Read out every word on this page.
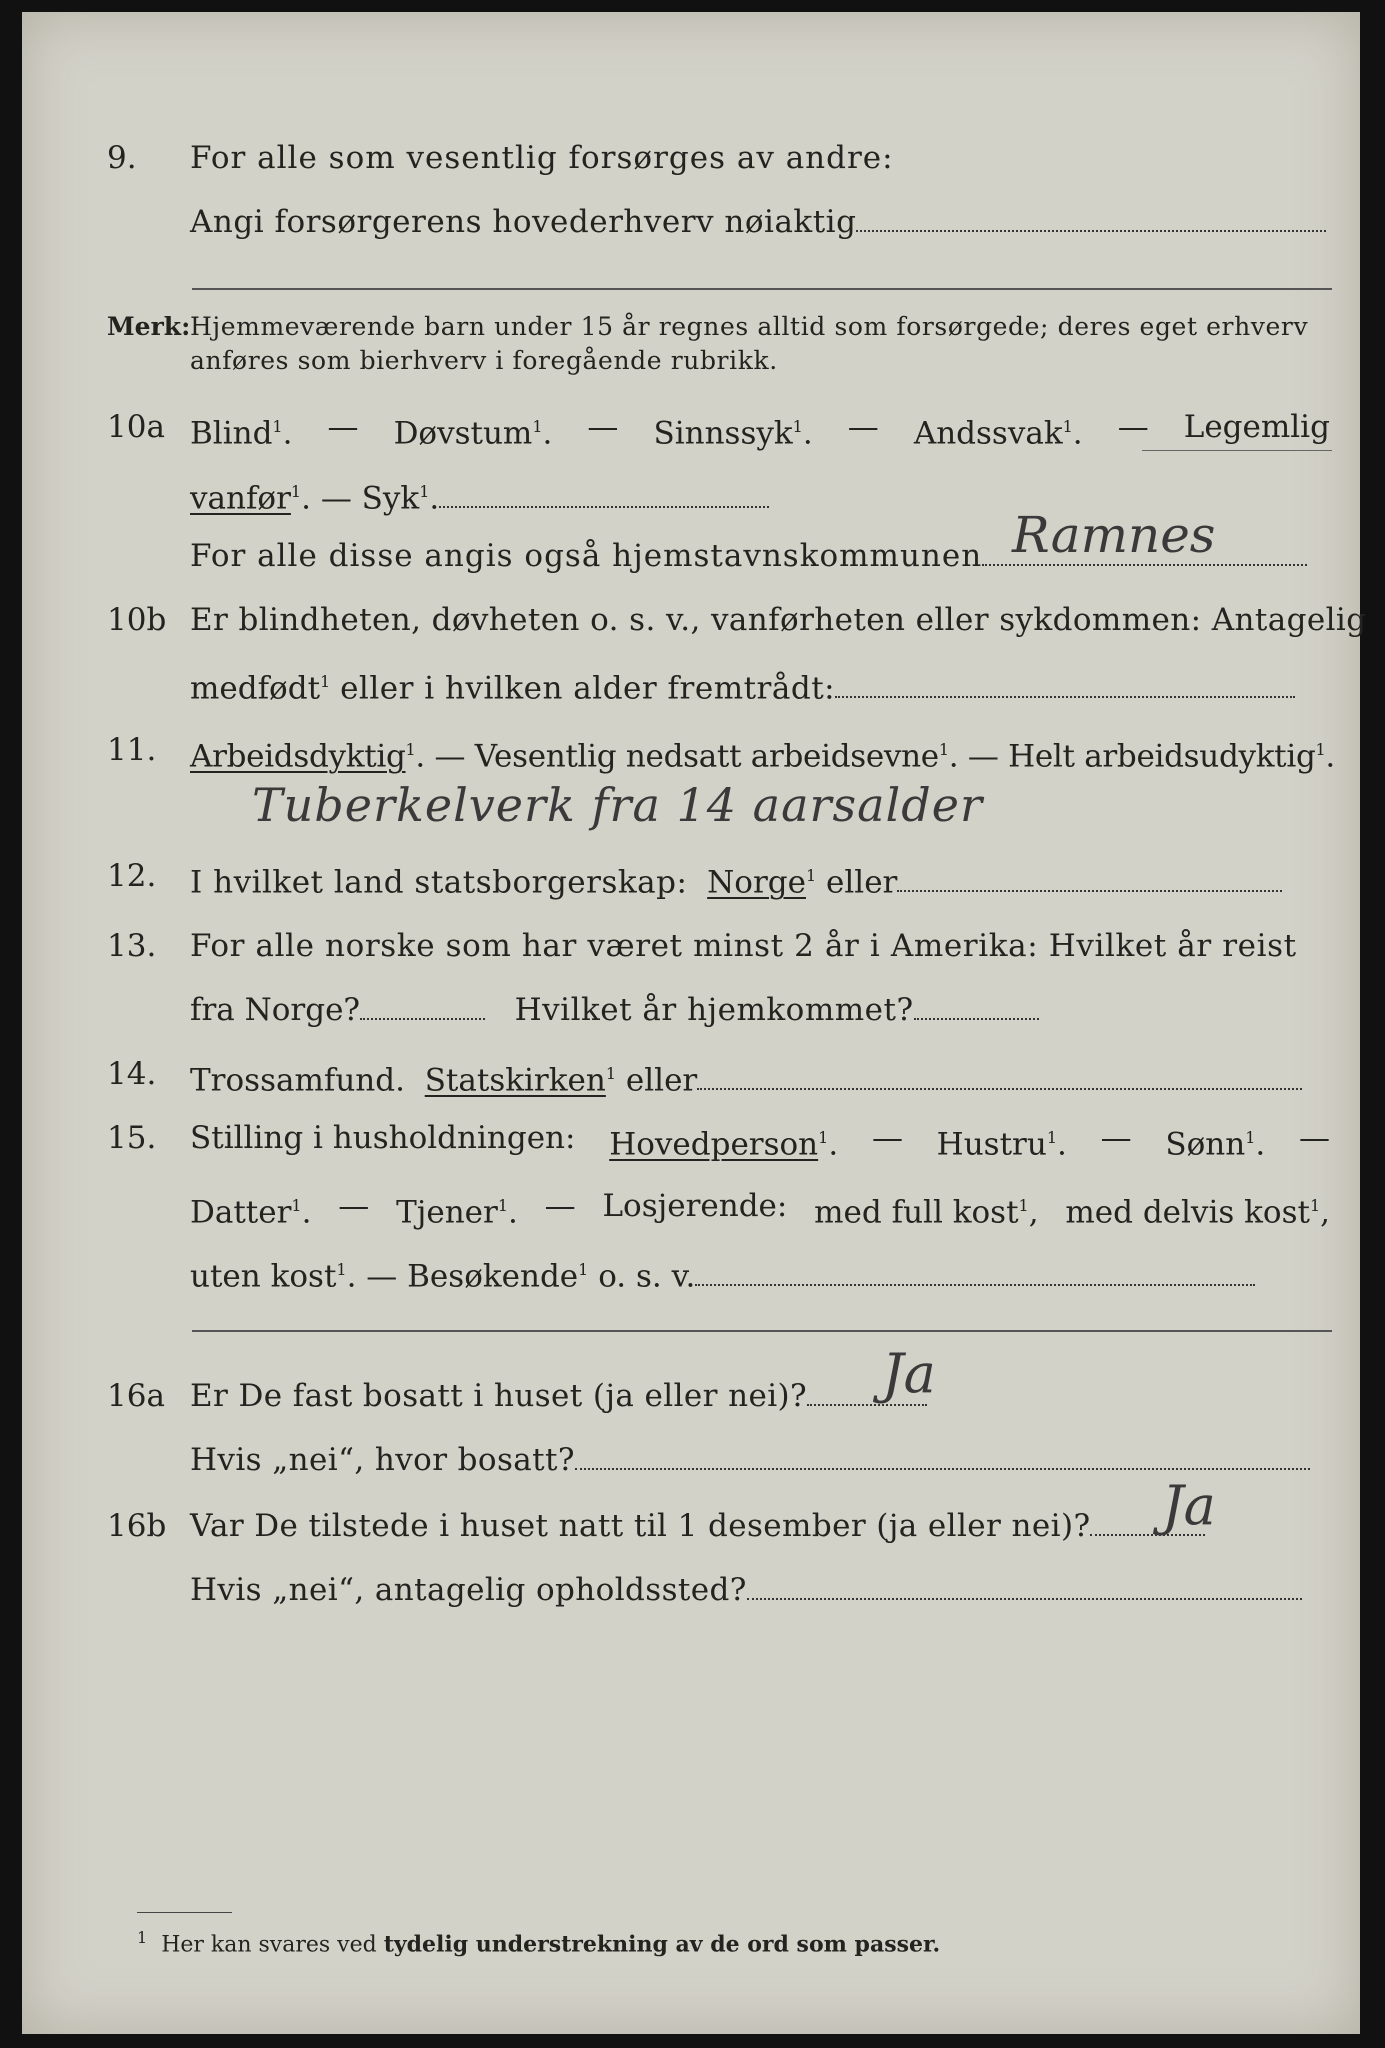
9. For alle som vesentlig forsørges av andre:
Angi forsørgerens hovederhverv nøiaktig
Merk: Hjemmeværende barn under 15 år regnes alltid som forsørgede; deres eget erhverv
anføres som bierhverv i foregående rubrikk.
10a Blind$^1$. — Døvstum$^1$. — Sinnssyk$^1$. — Andssvak$^1$. — Legemlig
vanfør$^1$. — Syk$^1$.
For alle disse angis også hjemstavnskommunen Ramnes
10b Er blindheten, døvheten o. s. v., vanførheten eller sykdommen: Antagelig
medfødt$^1$ eller i hvilken alder fremtrådt:
11. Arbeidsdyktig$^1$. — Vesentlig nedsatt arbeidsevne$^1$. — Helt arbeidsudyktig$^1$.
Tuberkelverk fra 14 aarsalder
12. I hvilket land statsborgerskap: Norge$^1$ eller
13. For alle norske som har været minst 2 år i Amerika: Hvilket år reist
fra Norge?	Hvilket år hjemkommet?
14. Trossamfund. Statskirken$^1$ eller
15. Stilling i husholdningen: Hovedperson$^1$. — Hustru$^1$. — Sønn$^1$. —
Datter$^1$. — Tjener$^1$. — Losjerende: med full kost$^1$, med delvis kost$^1$,
uten kost$^1$. — Besøkende$^1$ o. s. v.
16a Er De fast bosatt i huset (ja eller nei)?	Ja
Hvis „nei“, hvor bosatt?
16b Var De tilstede i huset natt til 1 desember (ja eller nei)?	Ja
Hvis „nei“, antagelig opholdssted?
$^1$ Her kan svares ved tydelig understrekning av de ord som passer.
